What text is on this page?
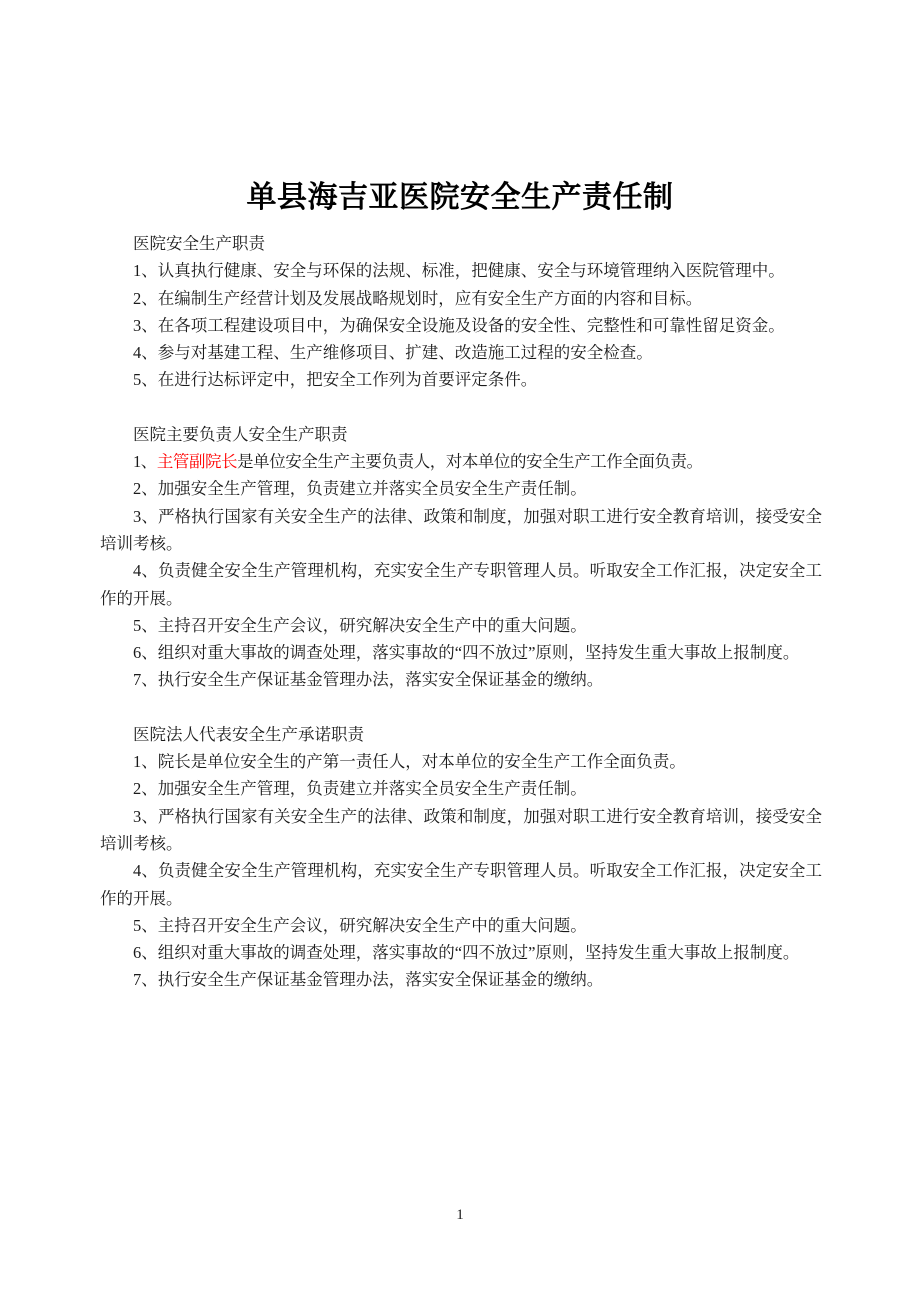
单县海吉亚医院安全生产责任制

医院安全生产职责

1、认真执行健康、安全与环保的法规、标准，把健康、安全与环境管理纳入医院管理中。

2、在编制生产经营计划及发展战略规划时，应有安全生产方面的内容和目标。

3、在各项工程建设项目中，为确保安全设施及设备的安全性、完整性和可靠性留足资金。

4、参与对基建工程、生产维修项目、扩建、改造施工过程的安全检查。

5、在进行达标评定中，把安全工作列为首要评定条件。

医院主要负责人安全生产职责

1、主管副院长是单位安全生产主要负责人，对本单位的安全生产工作全面负责。

2、加强安全生产管理，负责建立并落实全员安全生产责任制。

3、严格执行国家有关安全生产的法律、政策和制度，加强对职工进行安全教育培训，接受安全培训考核。

4、负责健全安全生产管理机构，充实安全生产专职管理人员。听取安全工作汇报，决定安全工作的开展。

5、主持召开安全生产会议，研究解决安全生产中的重大问题。

6、组织对重大事故的调查处理，落实事故的“四不放过”原则，坚持发生重大事故上报制度。

7、执行安全生产保证基金管理办法，落实安全保证基金的缴纳。

医院法人代表安全生产承诺职责

1、院长是单位安全生的产第一责任人，对本单位的安全生产工作全面负责。

2、加强安全生产管理，负责建立并落实全员安全生产责任制。

3、严格执行国家有关安全生产的法律、政策和制度，加强对职工进行安全教育培训，接受安全培训考核。

4、负责健全安全生产管理机构，充实安全生产专职管理人员。听取安全工作汇报，决定安全工作的开展。

5、主持召开安全生产会议，研究解决安全生产中的重大问题。

6、组织对重大事故的调查处理，落实事故的“四不放过”原则，坚持发生重大事故上报制度。

7、执行安全生产保证基金管理办法，落实安全保证基金的缴纳。

1
